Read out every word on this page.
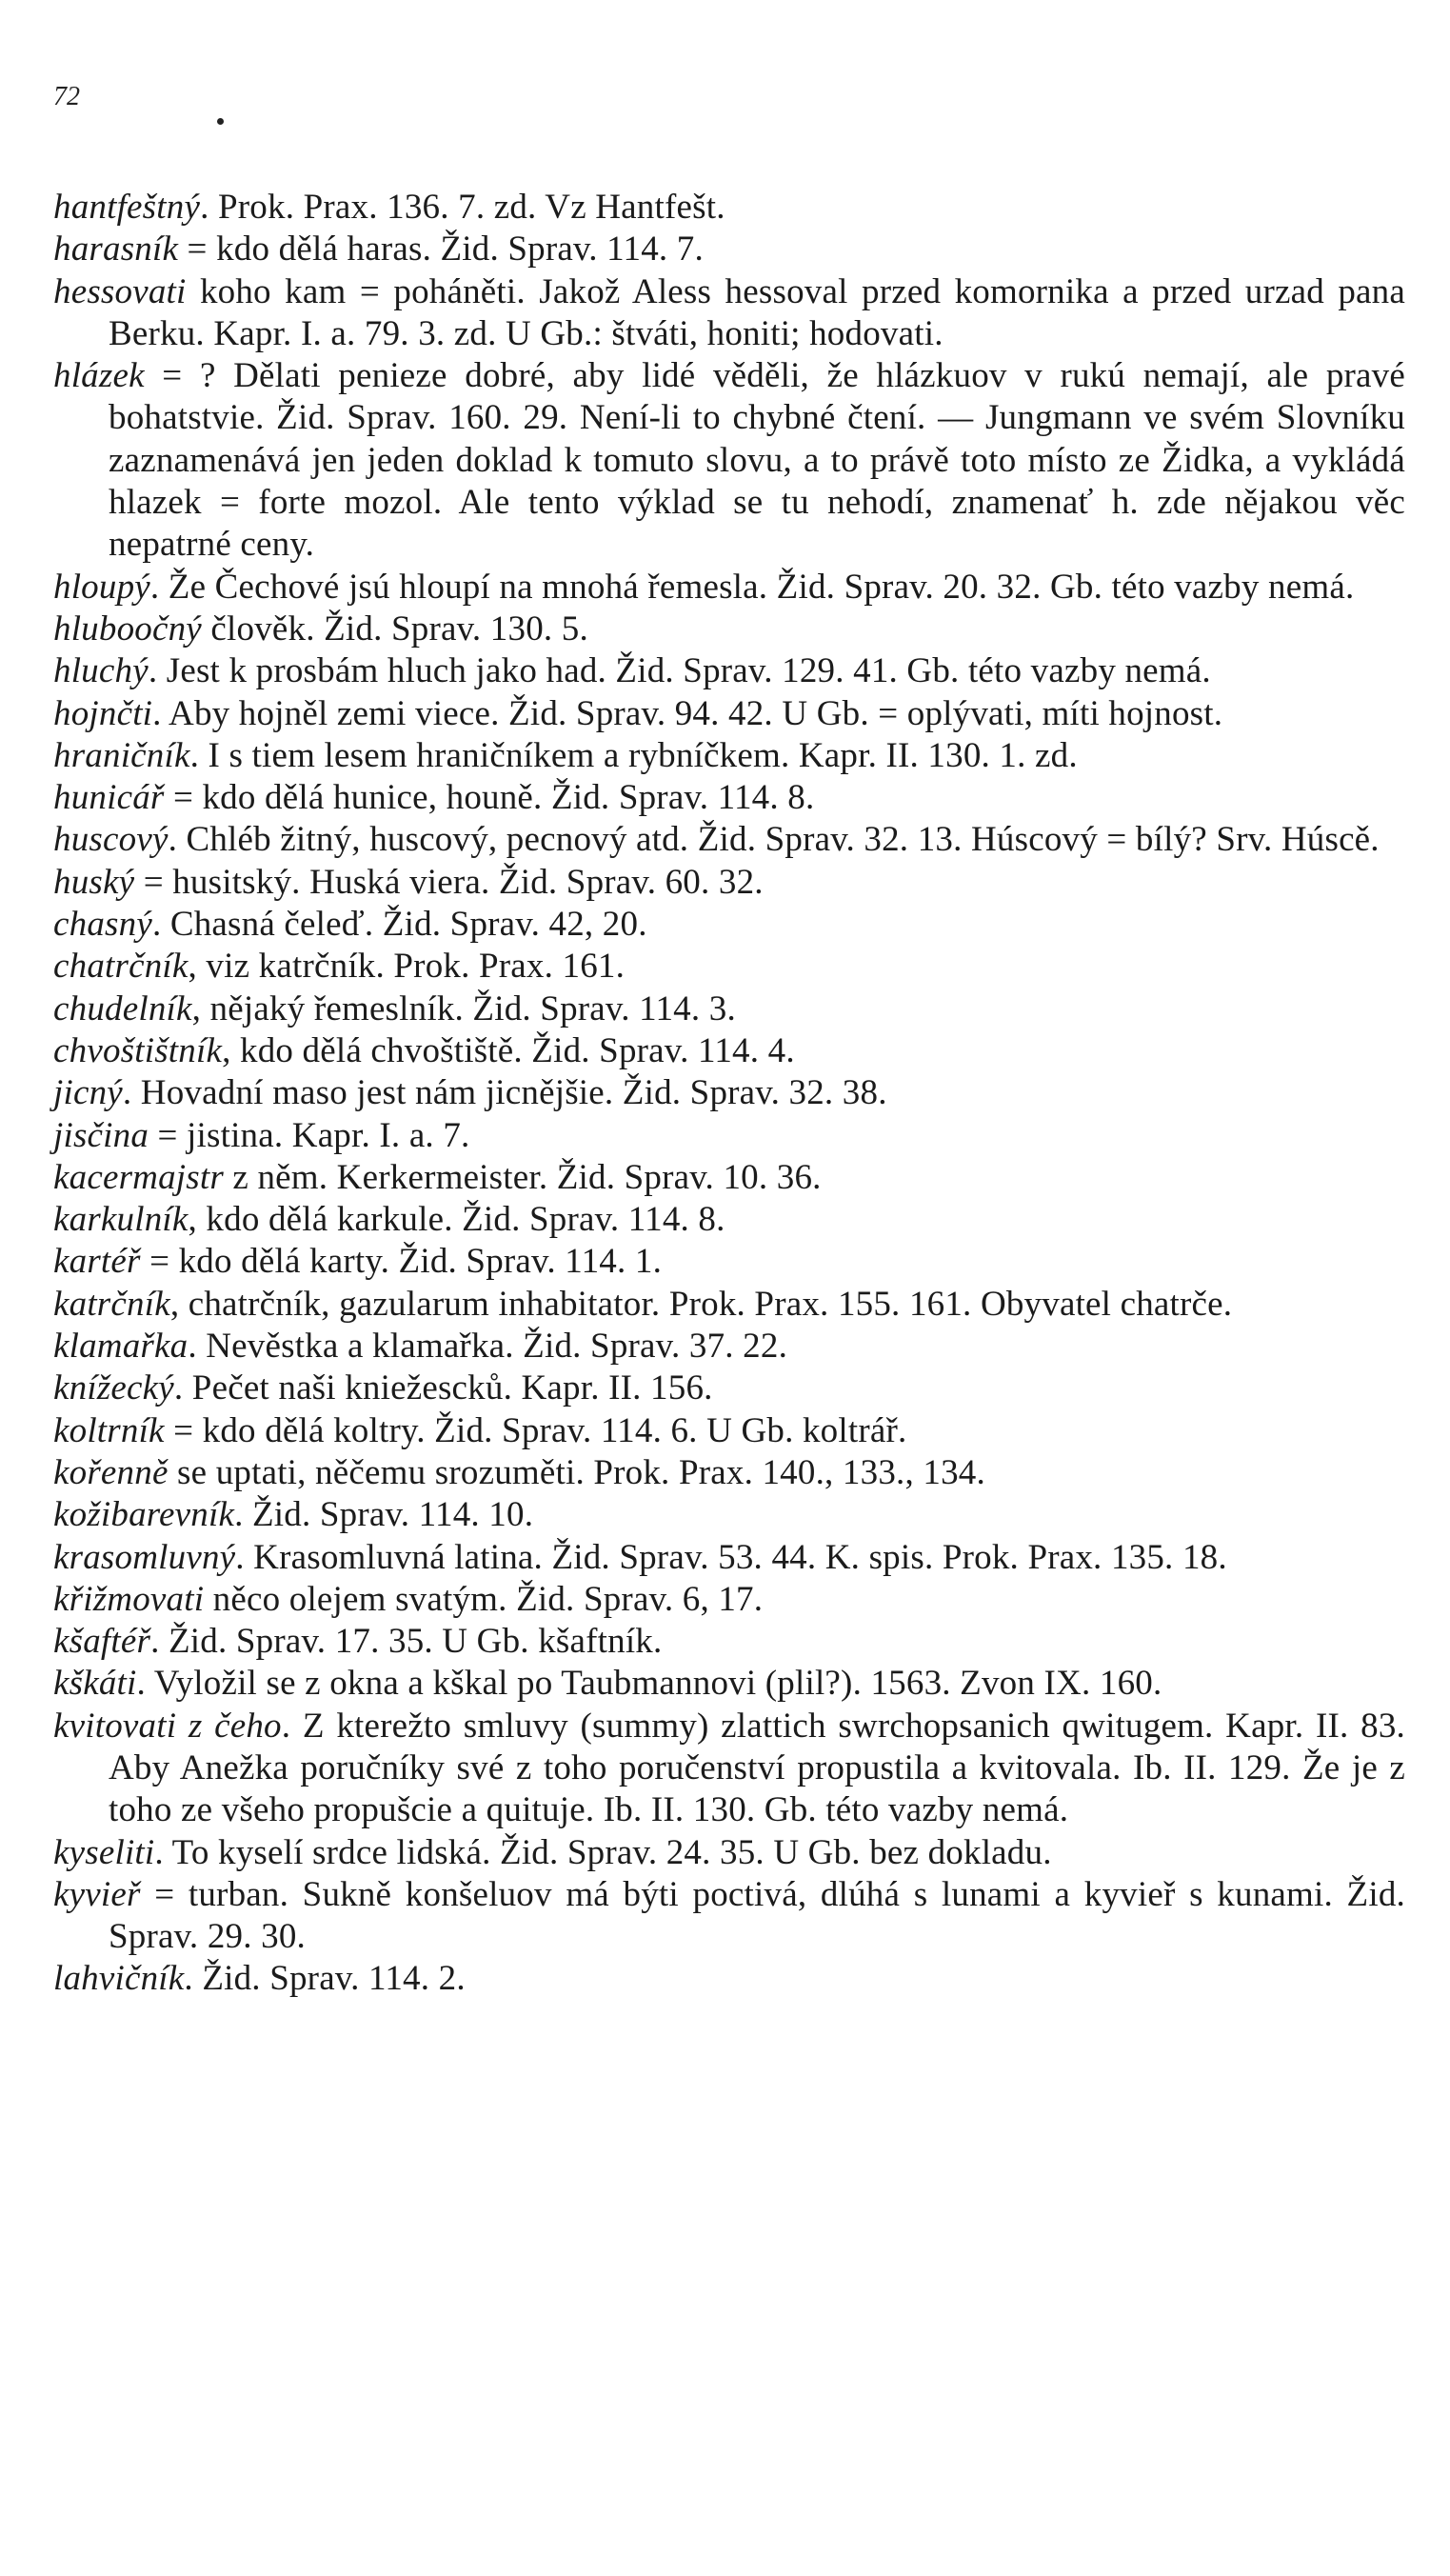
72
hantfeštný. Prok. Prax. 136. 7. zd. Vz Hantfešt.
harasník = kdo dělá haras. Žid. Sprav. 114. 7.
hessovati koho kam = poháněti. Jakož Aless hessoval przed komornika a przed urzad pana Berku. Kapr. I. a. 79. 3. zd. U Gb.: štváti, honiti; hodovati.
hlázek = ? Dělati penieze dobré, aby lidé věděli, že hlázkuov v rukú nemají, ale pravé bohatstvie. Žid. Sprav. 160. 29. Není-li to chybné čtení. — Jungmann ve svém Slovníku zaznamenává jen jeden doklad k tomuto slovu, a to právě toto místo ze Židka, a vykládá hlazek = forte mozol. Ale tento výklad se tu nehodí, znamenať h. zde nějakou věc nepatrné ceny.
hloupý. Že Čechové jsú hloupí na mnohá řemesla. Žid. Sprav. 20. 32. Gb. této vazby nemá.
hluboočný člověk. Žid. Sprav. 130. 5.
hluchý. Jest k prosbám hluch jako had. Žid. Sprav. 129. 41. Gb. této vazby nemá.
hojnčti. Aby hojněl zemi viece. Žid. Sprav. 94. 42. U Gb. = oplývati, míti hojnost.
hraničník. I s tiem lesem hraničníkem a rybníčkem. Kapr. II. 130. 1. zd.
hunicář = kdo dělá hunice, houně. Žid. Sprav. 114. 8.
huscový. Chléb žitný, huscový, pecnový atd. Žid. Sprav. 32. 13. Húscový = bílý? Srv. Húscě.
huský = husitský. Huská viera. Žid. Sprav. 60. 32.
chasný. Chasná čeleď. Žid. Sprav. 42, 20.
chatrčník, viz katrčník. Prok. Prax. 161.
chudelník, nějaký řemeslník. Žid. Sprav. 114. 3.
chvoštištník, kdo dělá chvoštiště. Žid. Sprav. 114. 4.
jicný. Hovadní maso jest nám jicnějšie. Žid. Sprav. 32. 38.
jisčina = jistina. Kapr. I. a. 7.
kacermajstr z něm. Kerkermeister. Žid. Sprav. 10. 36.
karkulník, kdo dělá karkule. Žid. Sprav. 114. 8.
kartéř = kdo dělá karty. Žid. Sprav. 114. 1.
katrčník, chatrčník, gazularum inhabitator. Prok. Prax. 155. 161. Obyvatel chatrče.
klamařka. Nevěstka a klamařka. Žid. Sprav. 37. 22.
knížecký. Pečet naši kniežescků. Kapr. II. 156.
koltrník = kdo dělá koltry. Žid. Sprav. 114. 6. U Gb. koltrář.
kořenně se uptati, něčemu srozuměti. Prok. Prax. 140., 133., 134.
kožibarevník. Žid. Sprav. 114. 10.
krasomluvný. Krasomluvná latina. Žid. Sprav. 53. 44. K. spis. Prok. Prax. 135. 18.
křižmovati něco olejem svatým. Žid. Sprav. 6, 17.
kšaftéř. Žid. Sprav. 17. 35. U Gb. kšaftník.
kškáti. Vyložil se z okna a kškal po Taubmannovi (plil?). 1563. Zvon IX. 160.
kvitovati z čeho. Z kterežto smluvy (summy) zlattich swrchopsanich qwitugem. Kapr. II. 83. Aby Anežka poručníky své z toho poručenství propustila a kvitovala. Ib. II. 129. Že je z toho ze všeho propušcie a quituje. Ib. II. 130. Gb. této vazby nemá.
kyseliti. To kyselí srdce lidská. Žid. Sprav. 24. 35. U Gb. bez dokladu.
kyvieř = turban. Sukně konšeluov má býti poctivá, dlúhá s lunami a kyvieř s kunami. Žid. Sprav. 29. 30.
lahvičník. Žid. Sprav. 114. 2.
